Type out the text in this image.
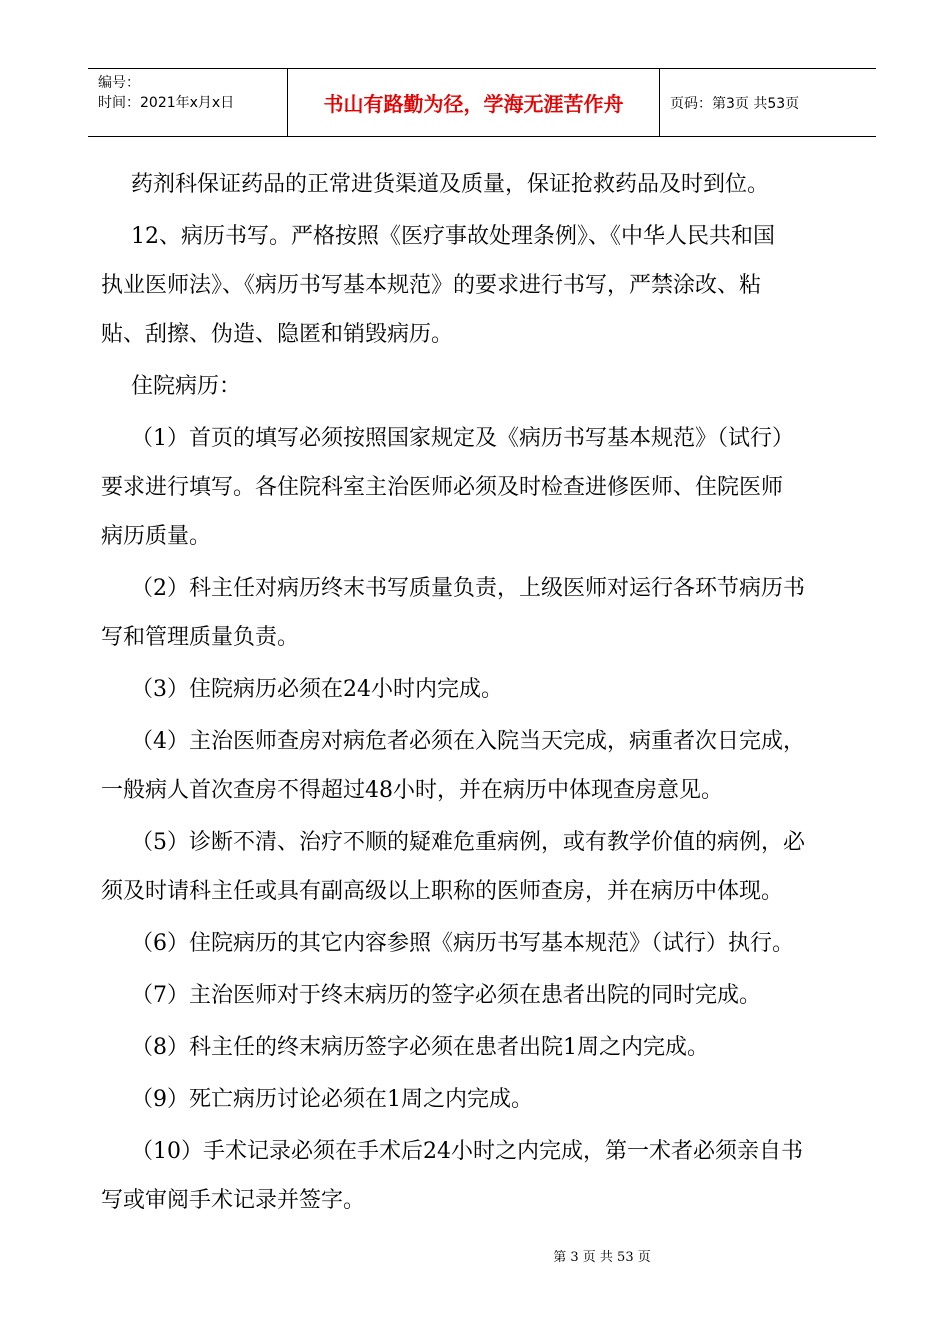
编号：
时间：2021年x月x日	书山有路勤为径，学海无涯苦作舟	页码：第3页 共53页

药剂科保证药品的正常进货渠道及质量，保证抢救药品及时到位。

12、病历书写。严格按照《医疗事故处理条例》、《中华人民共和国

执业医师法》、《病历书写基本规范》的要求进行书写，严禁涂改、粘

贴、刮擦、伪造、隐匿和销毁病历。

住院病历：

（1）首页的填写必须按照国家规定及《病历书写基本规范》（试行）

要求进行填写。各住院科室主治医师必须及时检查进修医师、住院医师

病历质量。

（2）科主任对病历终末书写质量负责，上级医师对运行各环节病历书

写和管理质量负责。

（3）住院病历必须在24小时内完成。

（4）主治医师查房对病危者必须在入院当天完成，病重者次日完成，

一般病人首次查房不得超过48小时，并在病历中体现查房意见。

（5）诊断不清、治疗不顺的疑难危重病例，或有教学价值的病例，必

须及时请科主任或具有副高级以上职称的医师查房，并在病历中体现。

（6）住院病历的其它内容参照《病历书写基本规范》（试行）执行。

（7）主治医师对于终末病历的签字必须在患者出院的同时完成。

（8）科主任的终末病历签字必须在患者出院1周之内完成。

（9）死亡病历讨论必须在1周之内完成。

（10）手术记录必须在手术后24小时之内完成，第一术者必须亲自书

写或审阅手术记录并签字。

第 3 页 共 53 页
